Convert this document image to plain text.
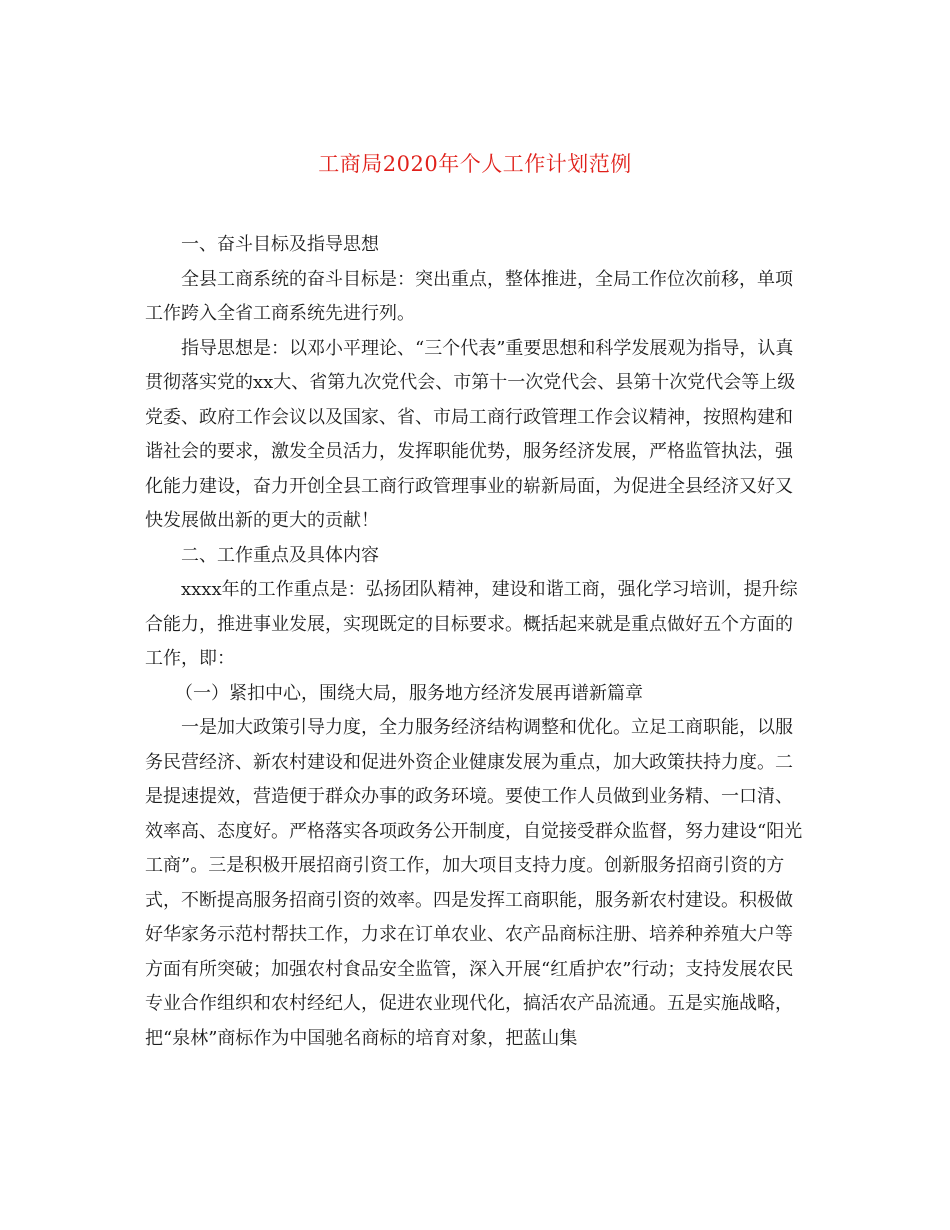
工商局2020年个人工作计划范例

一、奋斗目标及指导思想

全县工商系统的奋斗目标是：突出重点，整体推进，全局工作位次前移，单项工作跨入全省工商系统先进行列。

指导思想是：以邓小平理论、“三个代表”重要思想和科学发展观为指导，认真贯彻落实党的xx大、省第九次党代会、市第十一次党代会、县第十次党代会等上级党委、政府工作会议以及国家、省、市局工商行政管理工作会议精神，按照构建和谐社会的要求，激发全员活力，发挥职能优势，服务经济发展，严格监管执法，强化能力建设，奋力开创全县工商行政管理事业的崭新局面，为促进全县经济又好又快发展做出新的更大的贡献！

二、工作重点及具体内容

xxxx年的工作重点是：弘扬团队精神，建设和谐工商，强化学习培训，提升综合能力，推进事业发展，实现既定的目标要求。概括起来就是重点做好五个方面的工作，即：

（一）紧扣中心，围绕大局，服务地方经济发展再谱新篇章

一是加大政策引导力度，全力服务经济结构调整和优化。立足工商职能，以服务民营经济、新农村建设和促进外资企业健康发展为重点，加大政策扶持力度。二是提速提效，营造便于群众办事的政务环境。要使工作人员做到业务精、一口清、效率高、态度好。严格落实各项政务公开制度，自觉接受群众监督，努力建设“阳光工商”。三是积极开展招商引资工作，加大项目支持力度。创新服务招商引资的方式，不断提高服务招商引资的效率。四是发挥工商职能，服务新农村建设。积极做好华家务示范村帮扶工作，力求在订单农业、农产品商标注册、培养种养殖大户等方面有所突破；加强农村食品安全监管，深入开展“红盾护农”行动；支持发展农民专业合作组织和农村经纪人，促进农业现代化，搞活农产品流通。五是实施战略，把“泉林”商标作为中国驰名商标的培育对象，把蓝山集
